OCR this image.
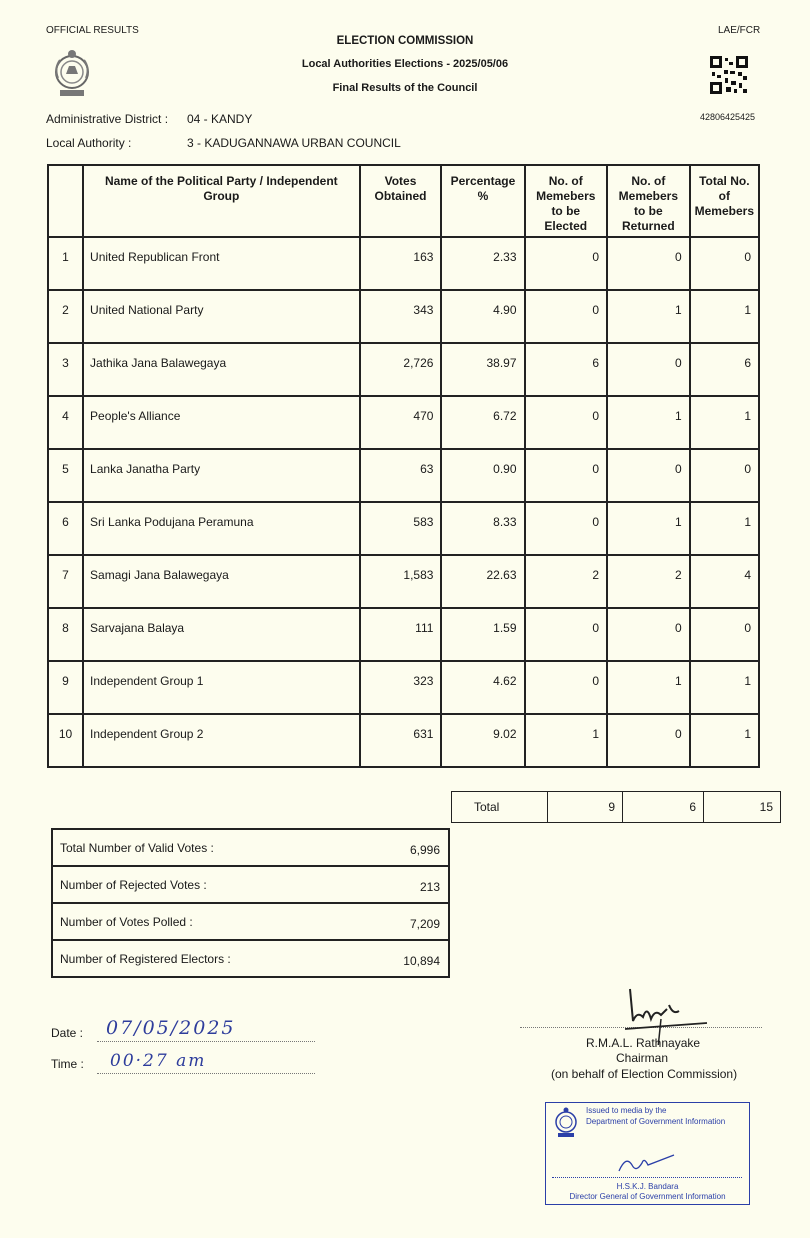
OFFICIAL RESULTS	LAE/FCR
ELECTION COMMISSION
Local Authorities Elections - 2025/05/06
Final Results of the Council
42806425425
Administrative District : 04 - KANDY
Local Authority :	3 - KADUGANNAWA URBAN COUNCIL
	Name of the Political Party / Independent Group	Votes Obtained	Percentage %	No. of Memebers to be Elected	No. of Memebers to be Returned	Total No. of Memebers
1	United Republican Front	163	2.33	0	0	0
2	United National Party	343	4.90	0	1	1
3	Jathika Jana Balawegaya	2,726	38.97	6	0	6
4	People's Alliance	470	6.72	0	1	1
5	Lanka Janatha Party	63	0.90	0	0	0
6	Sri Lanka Podujana Peramuna	583	8.33	0	1	1
7	Samagi Jana Balawegaya	1,583	22.63	2	2	4
8	Sarvajana Balaya	111	1.59	0	0	0
9	Independent Group 1	323	4.62	0	1	1
10	Independent Group 2	631	9.02	1	0	1
Total	9	6	15
Total Number of Valid Votes :	6,996
Number of Rejected Votes :	213
Number of Votes Polled :	7,209
Number of Registered Electors :	10,894
Date : 07/05/2025
Time : 00·27 am
R.M.A.L. Rathnayake
Chairman
(on behalf of Election Commission)
Issued to media by the
Department of Government Information
H.S.K.J. Bandara
Director General of Government Information
